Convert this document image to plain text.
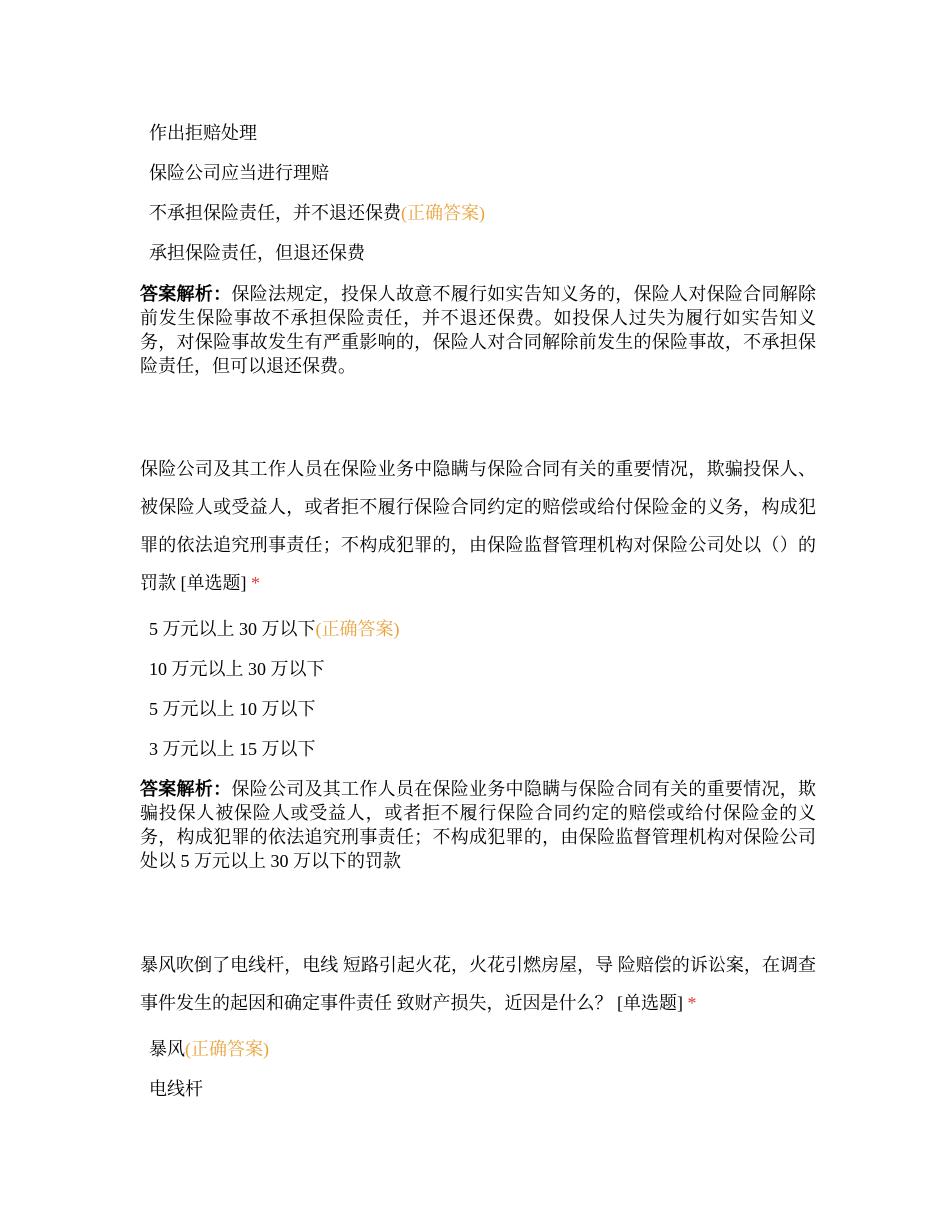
作出拒赔处理
保险公司应当进行理赔
不承担保险责任，并不退还保费(正确答案)
承担保险责任，但退还保费
答案解析：保险法规定，投保人故意不履行如实告知义务的，保险人对保险合同解除前发生保险事故不承担保险责任，并不退还保费。如投保人过失为履行如实告知义务，对保险事故发生有严重影响的，保险人对合同解除前发生的保险事故，不承担保险责任，但可以退还保费。
保险公司及其工作人员在保险业务中隐瞒与保险合同有关的重要情况，欺骗投保人、被保险人或受益人，或者拒不履行保险合同约定的赔偿或给付保险金的义务，构成犯罪的依法追究刑事责任；不构成犯罪的，由保险监督管理机构对保险公司处以（）的罚款 [单选题] *
5 万元以上 30 万以下(正确答案)
10 万元以上 30 万以下
5 万元以上 10 万以下
3 万元以上 15 万以下
答案解析：保险公司及其工作人员在保险业务中隐瞒与保险合同有关的重要情况，欺骗投保人被保险人或受益人，或者拒不履行保险合同约定的赔偿或给付保险金的义务，构成犯罪的依法追究刑事责任；不构成犯罪的，由保险监督管理机构对保险公司处以 5 万元以上 30 万以下的罚款
暴风吹倒了电线杆，电线 短路引起火花，火花引燃房屋，导 险赔偿的诉讼案，在调查事件发生的起因和确定事件责任 致财产损失，近因是什么？ [单选题] *
暴风(正确答案)
电线杆
